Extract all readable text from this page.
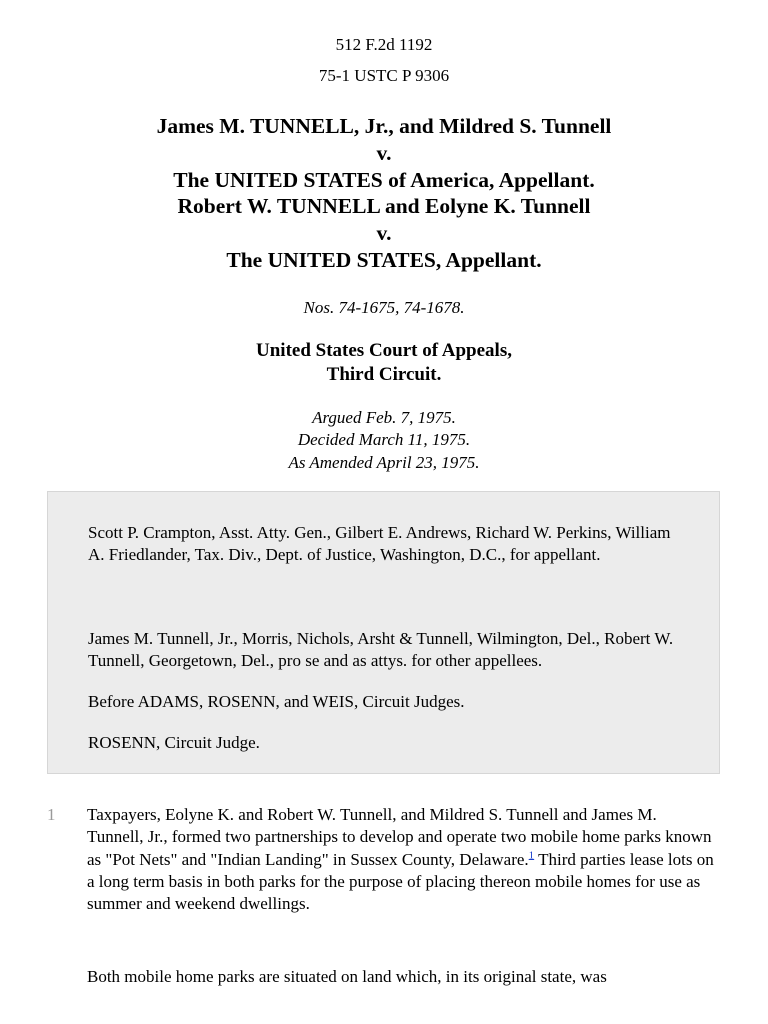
512 F.2d 1192
75-1 USTC P 9306
James M. TUNNELL, Jr., and Mildred S. Tunnell
v.
The UNITED STATES of America, Appellant.
Robert W. TUNNELL and Eolyne K. Tunnell
v.
The UNITED STATES, Appellant.
Nos. 74-1675, 74-1678.
United States Court of Appeals,
Third Circuit.
Argued Feb. 7, 1975.
Decided March 11, 1975.
As Amended April 23, 1975.

Scott P. Crampton, Asst. Atty. Gen., Gilbert E. Andrews, Richard W. Perkins, William A. Friedlander, Tax. Div., Dept. of Justice, Washington, D.C., for appellant.

James M. Tunnell, Jr., Morris, Nichols, Arsht & Tunnell, Wilmington, Del., Robert W. Tunnell, Georgetown, Del., pro se and as attys. for other appellees.

Before ADAMS, ROSENN, and WEIS, Circuit Judges.

ROSENN, Circuit Judge.

1 Taxpayers, Eolyne K. and Robert W. Tunnell, and Mildred S. Tunnell and James M. Tunnell, Jr., formed two partnerships to develop and operate two mobile home parks known as "Pot Nets" and "Indian Landing" in Sussex County, Delaware.$^1$ Third parties lease lots on a long term basis in both parks for the purpose of placing thereon mobile homes for use as summer and weekend dwellings.

Both mobile home parks are situated on land which, in its original state, was
